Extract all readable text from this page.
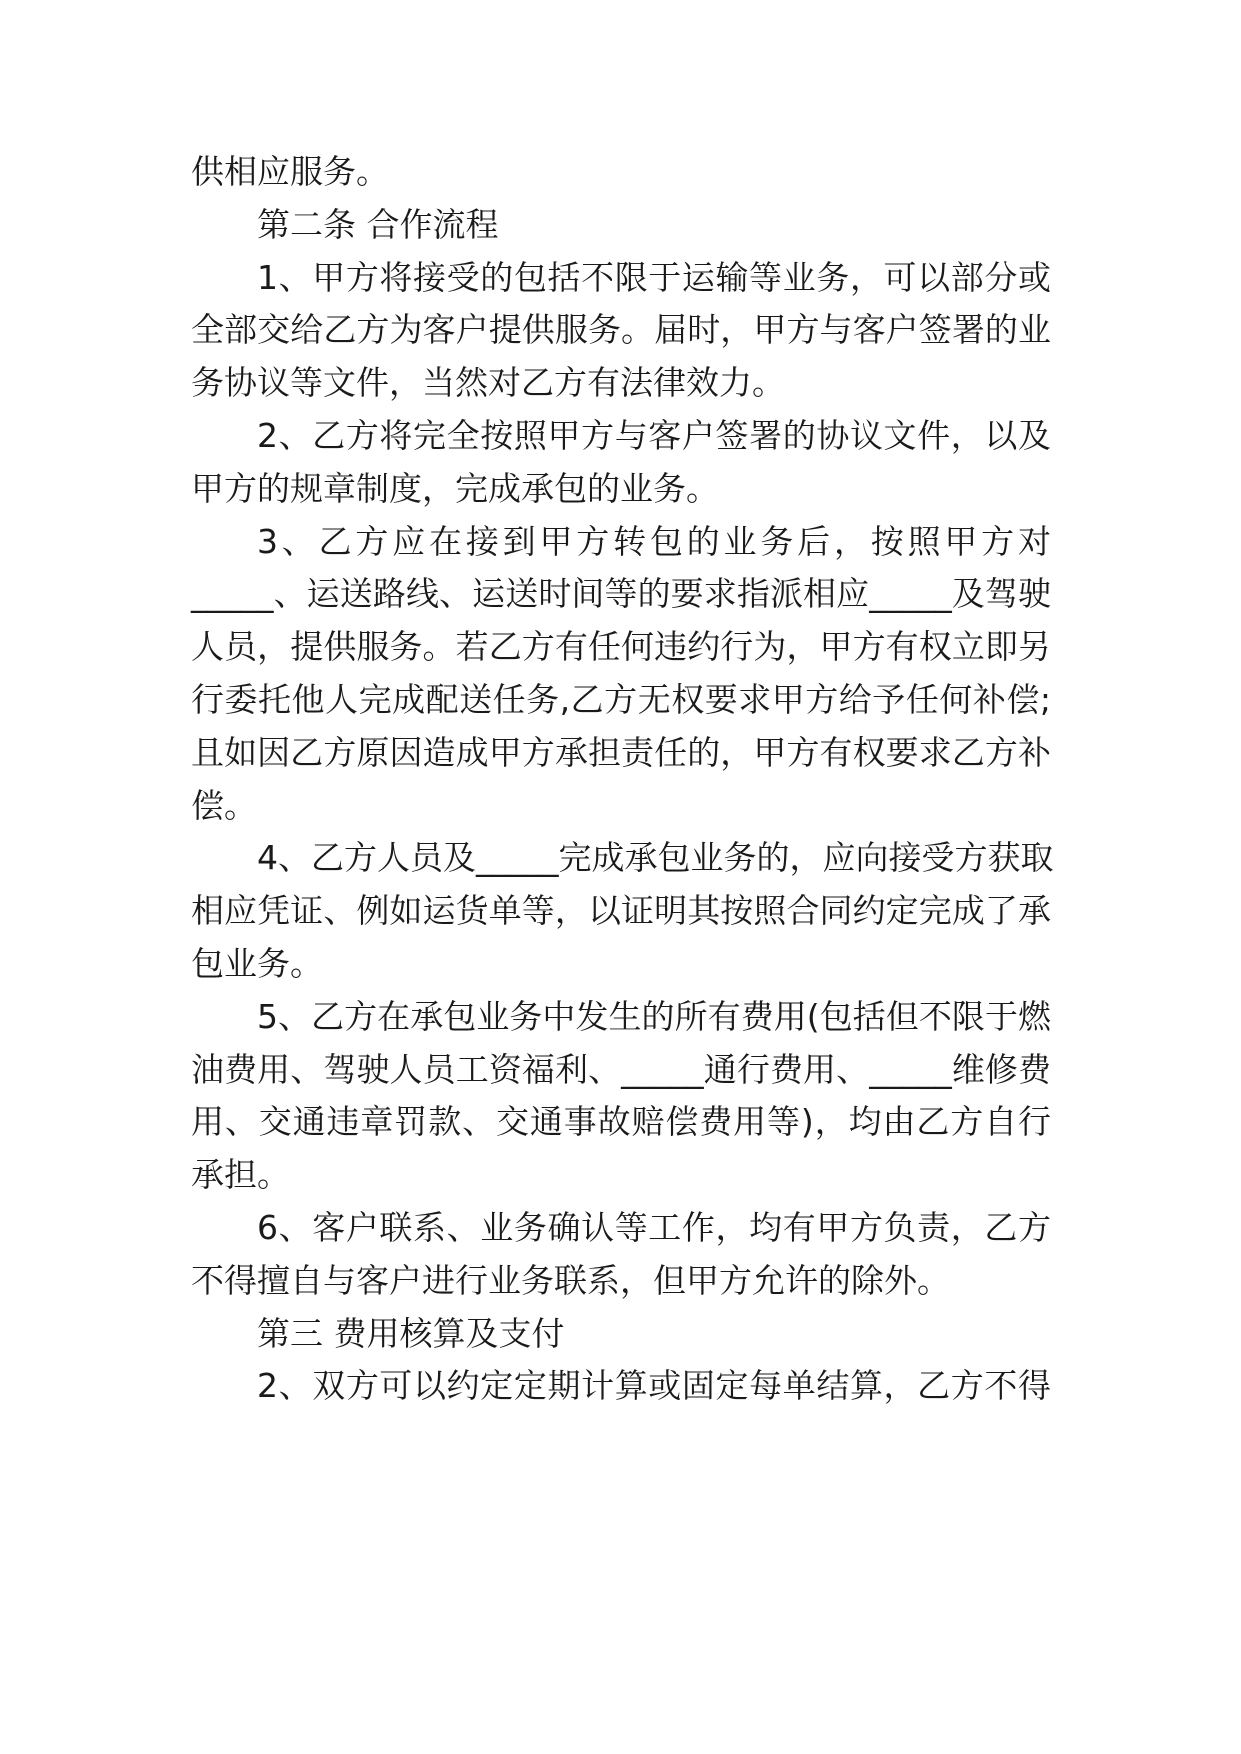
供相应服务。
第二条 合作流程
1、甲方将接受的包括不限于运输等业务，可以部分或
全部交给乙方为客户提供服务。届时，甲方与客户签署的业
务协议等文件，当然对乙方有法律效力。
2、乙方将完全按照甲方与客户签署的协议文件，以及
甲方的规章制度，完成承包的业务。
3、乙方应在接到甲方转包的业务后，按照甲方对
_____、运送路线、运送时间等的要求指派相应_____及驾驶
人员，提供服务。若乙方有任何违约行为，甲方有权立即另
行委托他人完成配送任务,乙方无权要求甲方给予任何补偿;
且如因乙方原因造成甲方承担责任的，甲方有权要求乙方补
偿。
4、乙方人员及_____完成承包业务的，应向接受方获取
相应凭证、例如运货单等，以证明其按照合同约定完成了承
包业务。
5、乙方在承包业务中发生的所有费用(包括但不限于燃
油费用、驾驶人员工资福利、_____通行费用、_____维修费
用、交通违章罚款、交通事故赔偿费用等)，均由乙方自行
承担。
6、客户联系、业务确认等工作，均有甲方负责，乙方
不得擅自与客户进行业务联系，但甲方允许的除外。
第三 费用核算及支付
2、双方可以约定定期计算或固定每单结算，乙方不得
